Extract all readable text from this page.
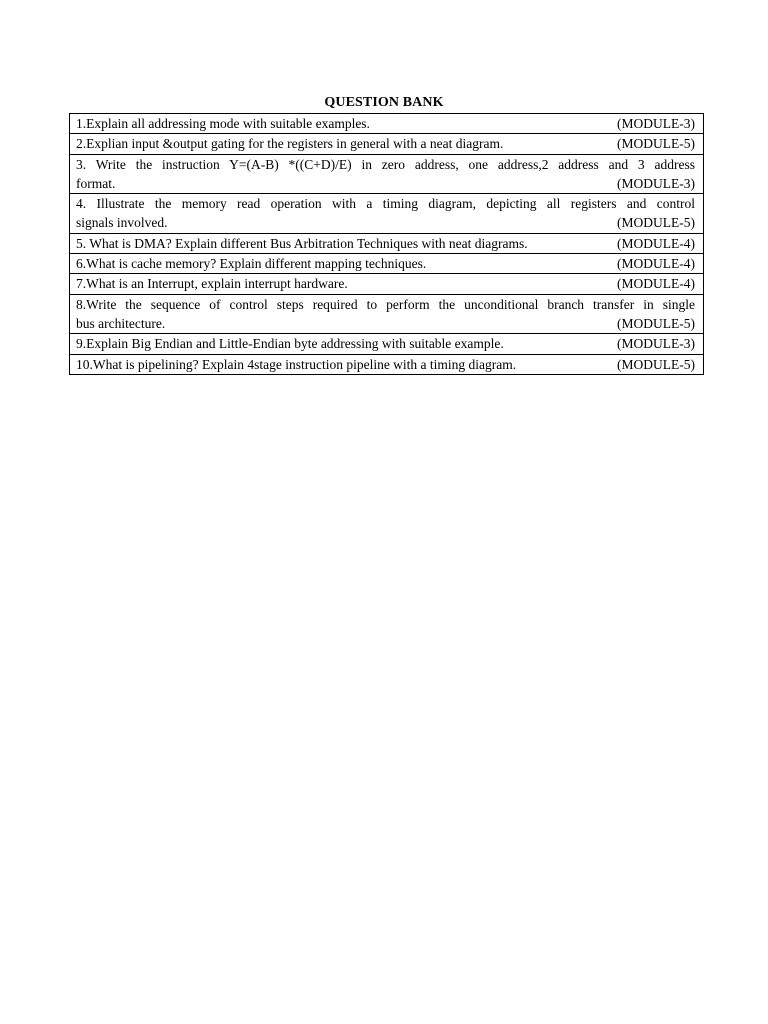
QUESTION BANK
1.Explain all addressing mode with suitable examples.	(MODULE-3)
2.Explian input &output gating for the registers in general with a neat diagram.	(MODULE-5)
3. Write the instruction Y=(A-B) *((C+D)/E) in zero address, one address,2 address and 3 address
format.	(MODULE-3)
4. Illustrate the memory read operation with a timing diagram, depicting all registers and control
signals involved.	(MODULE-5)
5. What is DMA? Explain different Bus Arbitration Techniques with neat diagrams.	(MODULE-4)
6.What is cache memory? Explain different mapping techniques.	(MODULE-4)
7.What is an Interrupt, explain interrupt hardware.	(MODULE-4)
8.Write the sequence of control steps required to perform the unconditional branch transfer in single
bus architecture.	(MODULE-5)
9.Explain Big Endian and Little-Endian byte addressing with suitable example.	(MODULE-3)
10.What is pipelining? Explain 4stage instruction pipeline with a timing diagram.	(MODULE-5)
